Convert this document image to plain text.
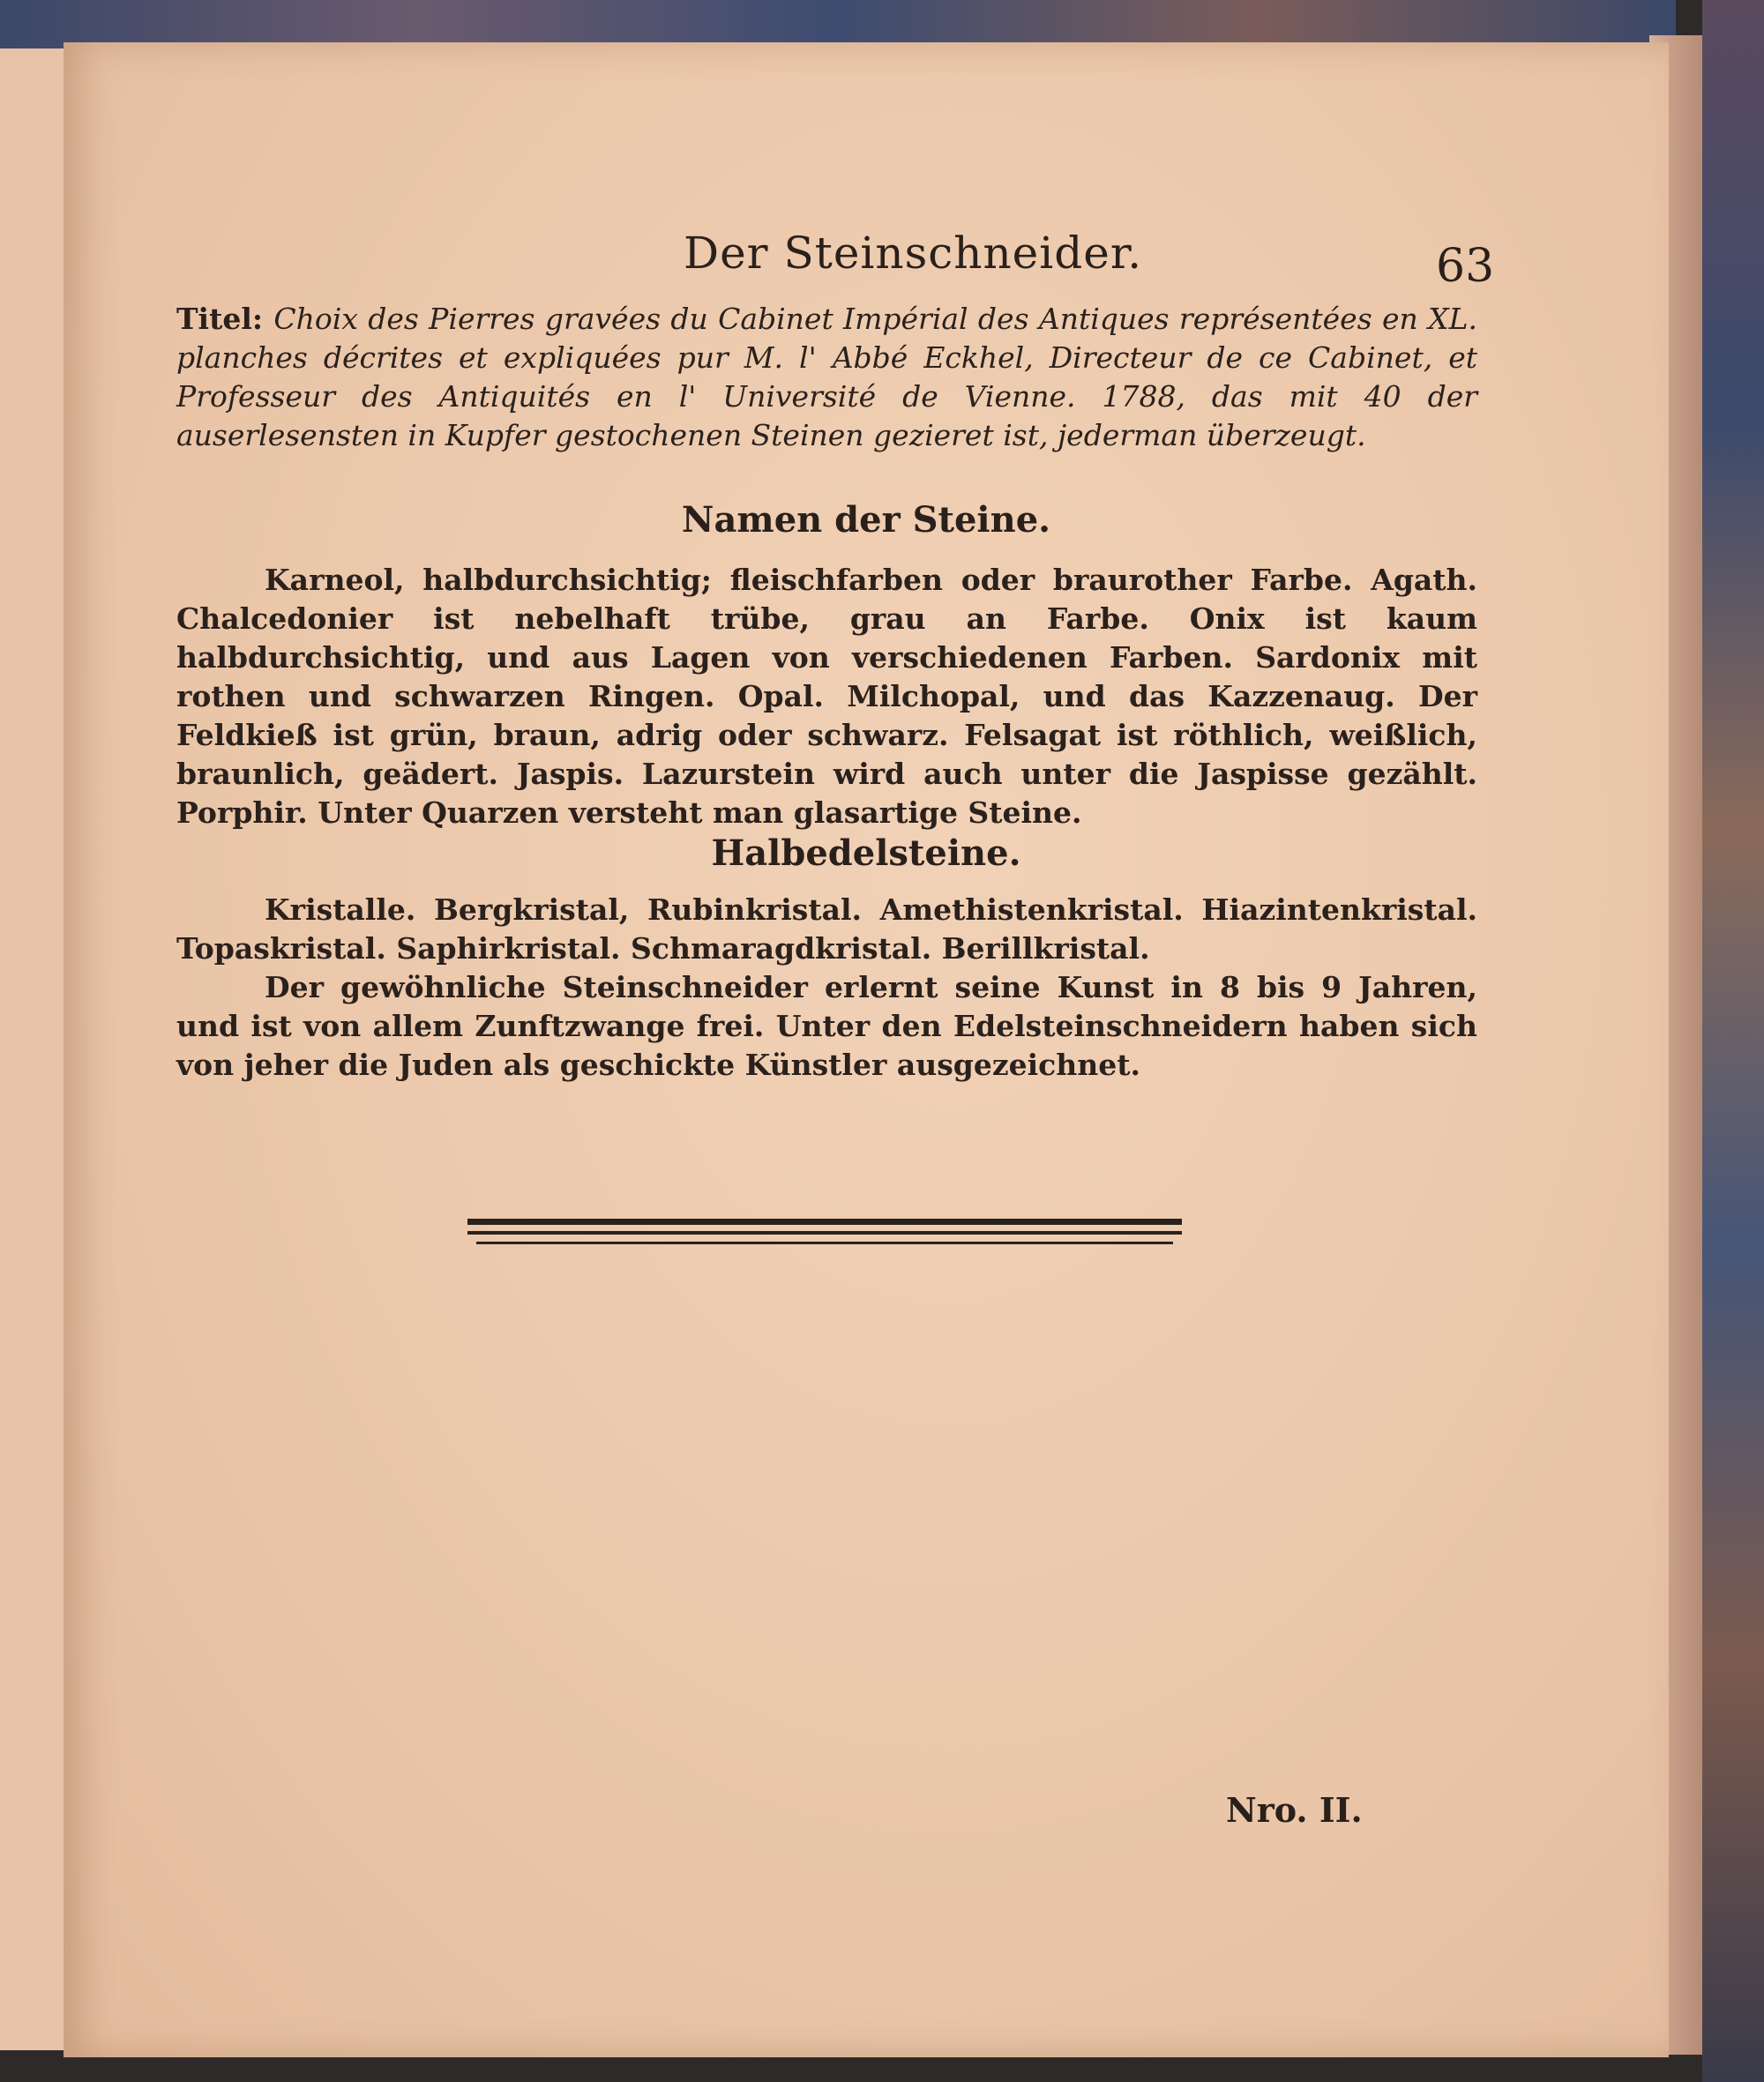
Der Steinschneider.	63
Titel: Choix des Pierres gravées du Cabinet Impérial des Antiques représentées en XL. planches décrites et expliquées pur M. l' Abbé Eckhel, Directeur de ce Cabinet, et Professeur des Antiquités en l' Université de Vienne. 1788, das mit 40 der auserlesensten in Kupfer gestochenen Steinen gezieret ist, jederman überzeugt.
Namen der Steine.
Karneol, halbdurchsichtig; fleischfarben oder braurother Farbe. Agath. Chalcedonier ist nebelhaft trübe, grau an Farbe. Onix ist kaum halbdurchsichtig, und aus Lagen von verschiedenen Farben. Sardonix mit rothen und schwarzen Ringen. Opal. Milchopal, und das Kazzenaug. Der Feldkieß ist grün, braun, adrig oder schwarz. Felsagat ist röthlich, weißlich, braunlich, geädert. Jaspis. Lazurstein wird auch unter die Jaspisse gezählt. Porphir. Unter Quarzen versteht man glasartige Steine.
Halbedelsteine.
Kristalle. Bergkristal, Rubinkristal. Amethistenkristal. Hiazintenkristal. Topaskristal. Saphirkristal. Schmaragdkristal. Berillkristal.
Der gewöhnliche Steinschneider erlernt seine Kunst in 8 bis 9 Jahren, und ist von allem Zunftzwange frei. Unter den Edelsteinschneidern haben sich von jeher die Juden als geschickte Künstler ausgezeichnet.
Nro. II.
